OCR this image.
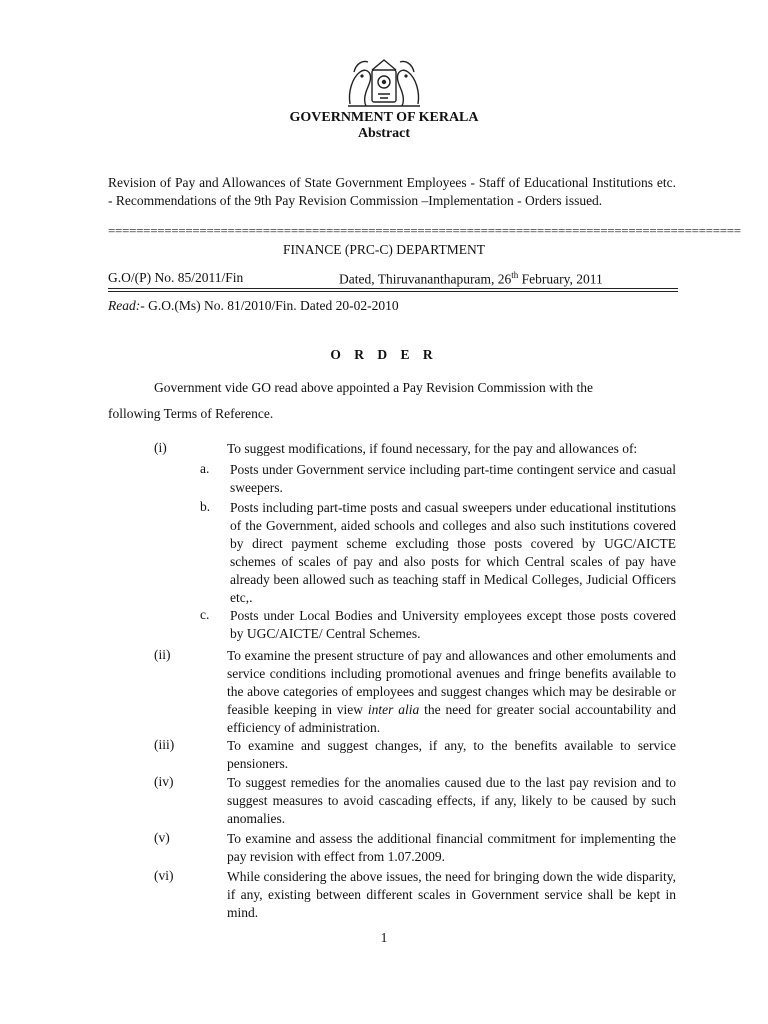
GOVERNMENT OF KERALA
Abstract
Revision of Pay and Allowances of State Government Employees - Staff of Educational Institutions etc. - Recommendations of the 9th Pay Revision Commission –Implementation - Orders issued.
==========================================================================================
FINANCE (PRC-C) DEPARTMENT
G.O/(P) No. 85/2011/Fin	Dated, Thiruvananthapuram, 26th February, 2011
Read:- G.O.(Ms) No. 81/2010/Fin. Dated 20-02-2010
O R D E R
Government vide GO read above appointed a Pay Revision Commission with the
following Terms of Reference.
(i)	To suggest modifications, if found necessary, for the pay and allowances of:
a. Posts under Government service including part-time contingent service and casual sweepers.
b. Posts including part-time posts and casual sweepers under educational institutions of the Government, aided schools and colleges and also such institutions covered by direct payment scheme excluding those posts covered by UGC/AICTE schemes of scales of pay and also posts for which Central scales of pay have already been allowed such as teaching staff in Medical Colleges, Judicial Officers etc,.
c. Posts under Local Bodies and University employees except those posts covered by UGC/AICTE/ Central Schemes.
(ii)	To examine the present structure of pay and allowances and other emoluments and service conditions including promotional avenues and fringe benefits available to the above categories of employees and suggest changes which may be desirable or feasible keeping in view inter alia the need for greater social accountability and efficiency of administration.
(iii)	To examine and suggest changes, if any, to the benefits available to service pensioners.
(iv)	To suggest remedies for the anomalies caused due to the last pay revision and to suggest measures to avoid cascading effects, if any, likely to be caused by such anomalies.
(v)	To examine and assess the additional financial commitment for implementing the pay revision with effect from 1.07.2009.
(vi)	While considering the above issues, the need for bringing down the wide disparity, if any, existing between different scales in Government service shall be kept in mind.
1
